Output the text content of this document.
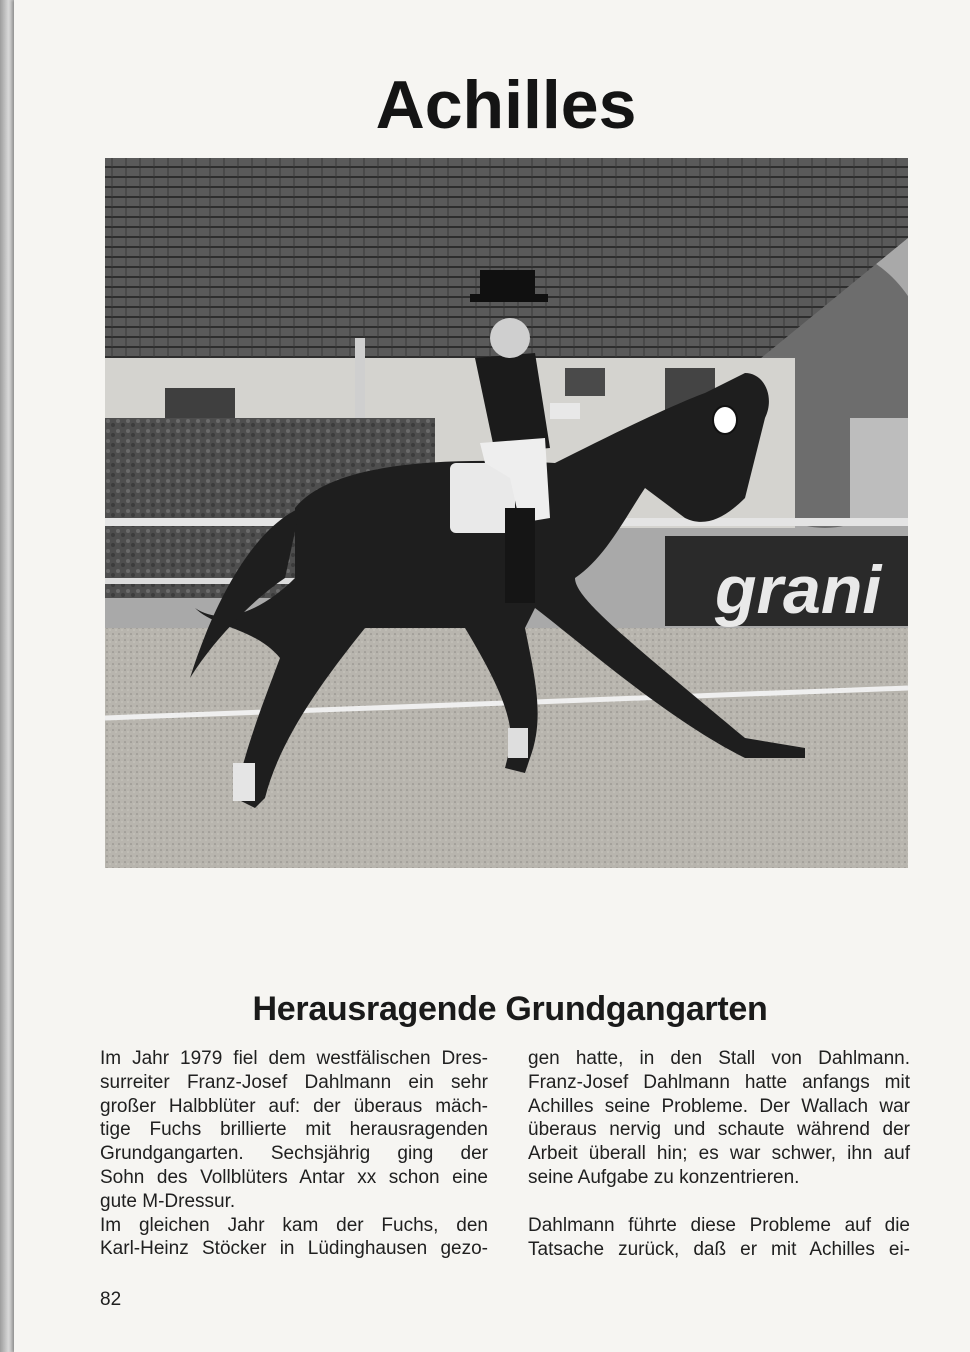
Achilles
grani
Herausragende Grundgangarten
Im Jahr 1979 fiel dem westfälischen Dres-
surreiter Franz-Josef Dahlmann ein sehr
großer Halbblüter auf: der überaus mäch-
tige Fuchs brillierte mit herausragenden
Grundgangarten. Sechsjährig ging der
Sohn des Vollblüters Antar xx schon eine
gute M-Dressur.
Im gleichen Jahr kam der Fuchs, den
Karl-Heinz Stöcker in Lüdinghausen gezo-
gen hatte, in den Stall von Dahlmann.
Franz-Josef Dahlmann hatte anfangs mit
Achilles seine Probleme. Der Wallach war
überaus nervig und schaute während der
Arbeit überall hin; es war schwer, ihn auf
seine Aufgabe zu konzentrieren.
Dahlmann führte diese Probleme auf die
Tatsache zurück, daß er mit Achilles ei-
82
